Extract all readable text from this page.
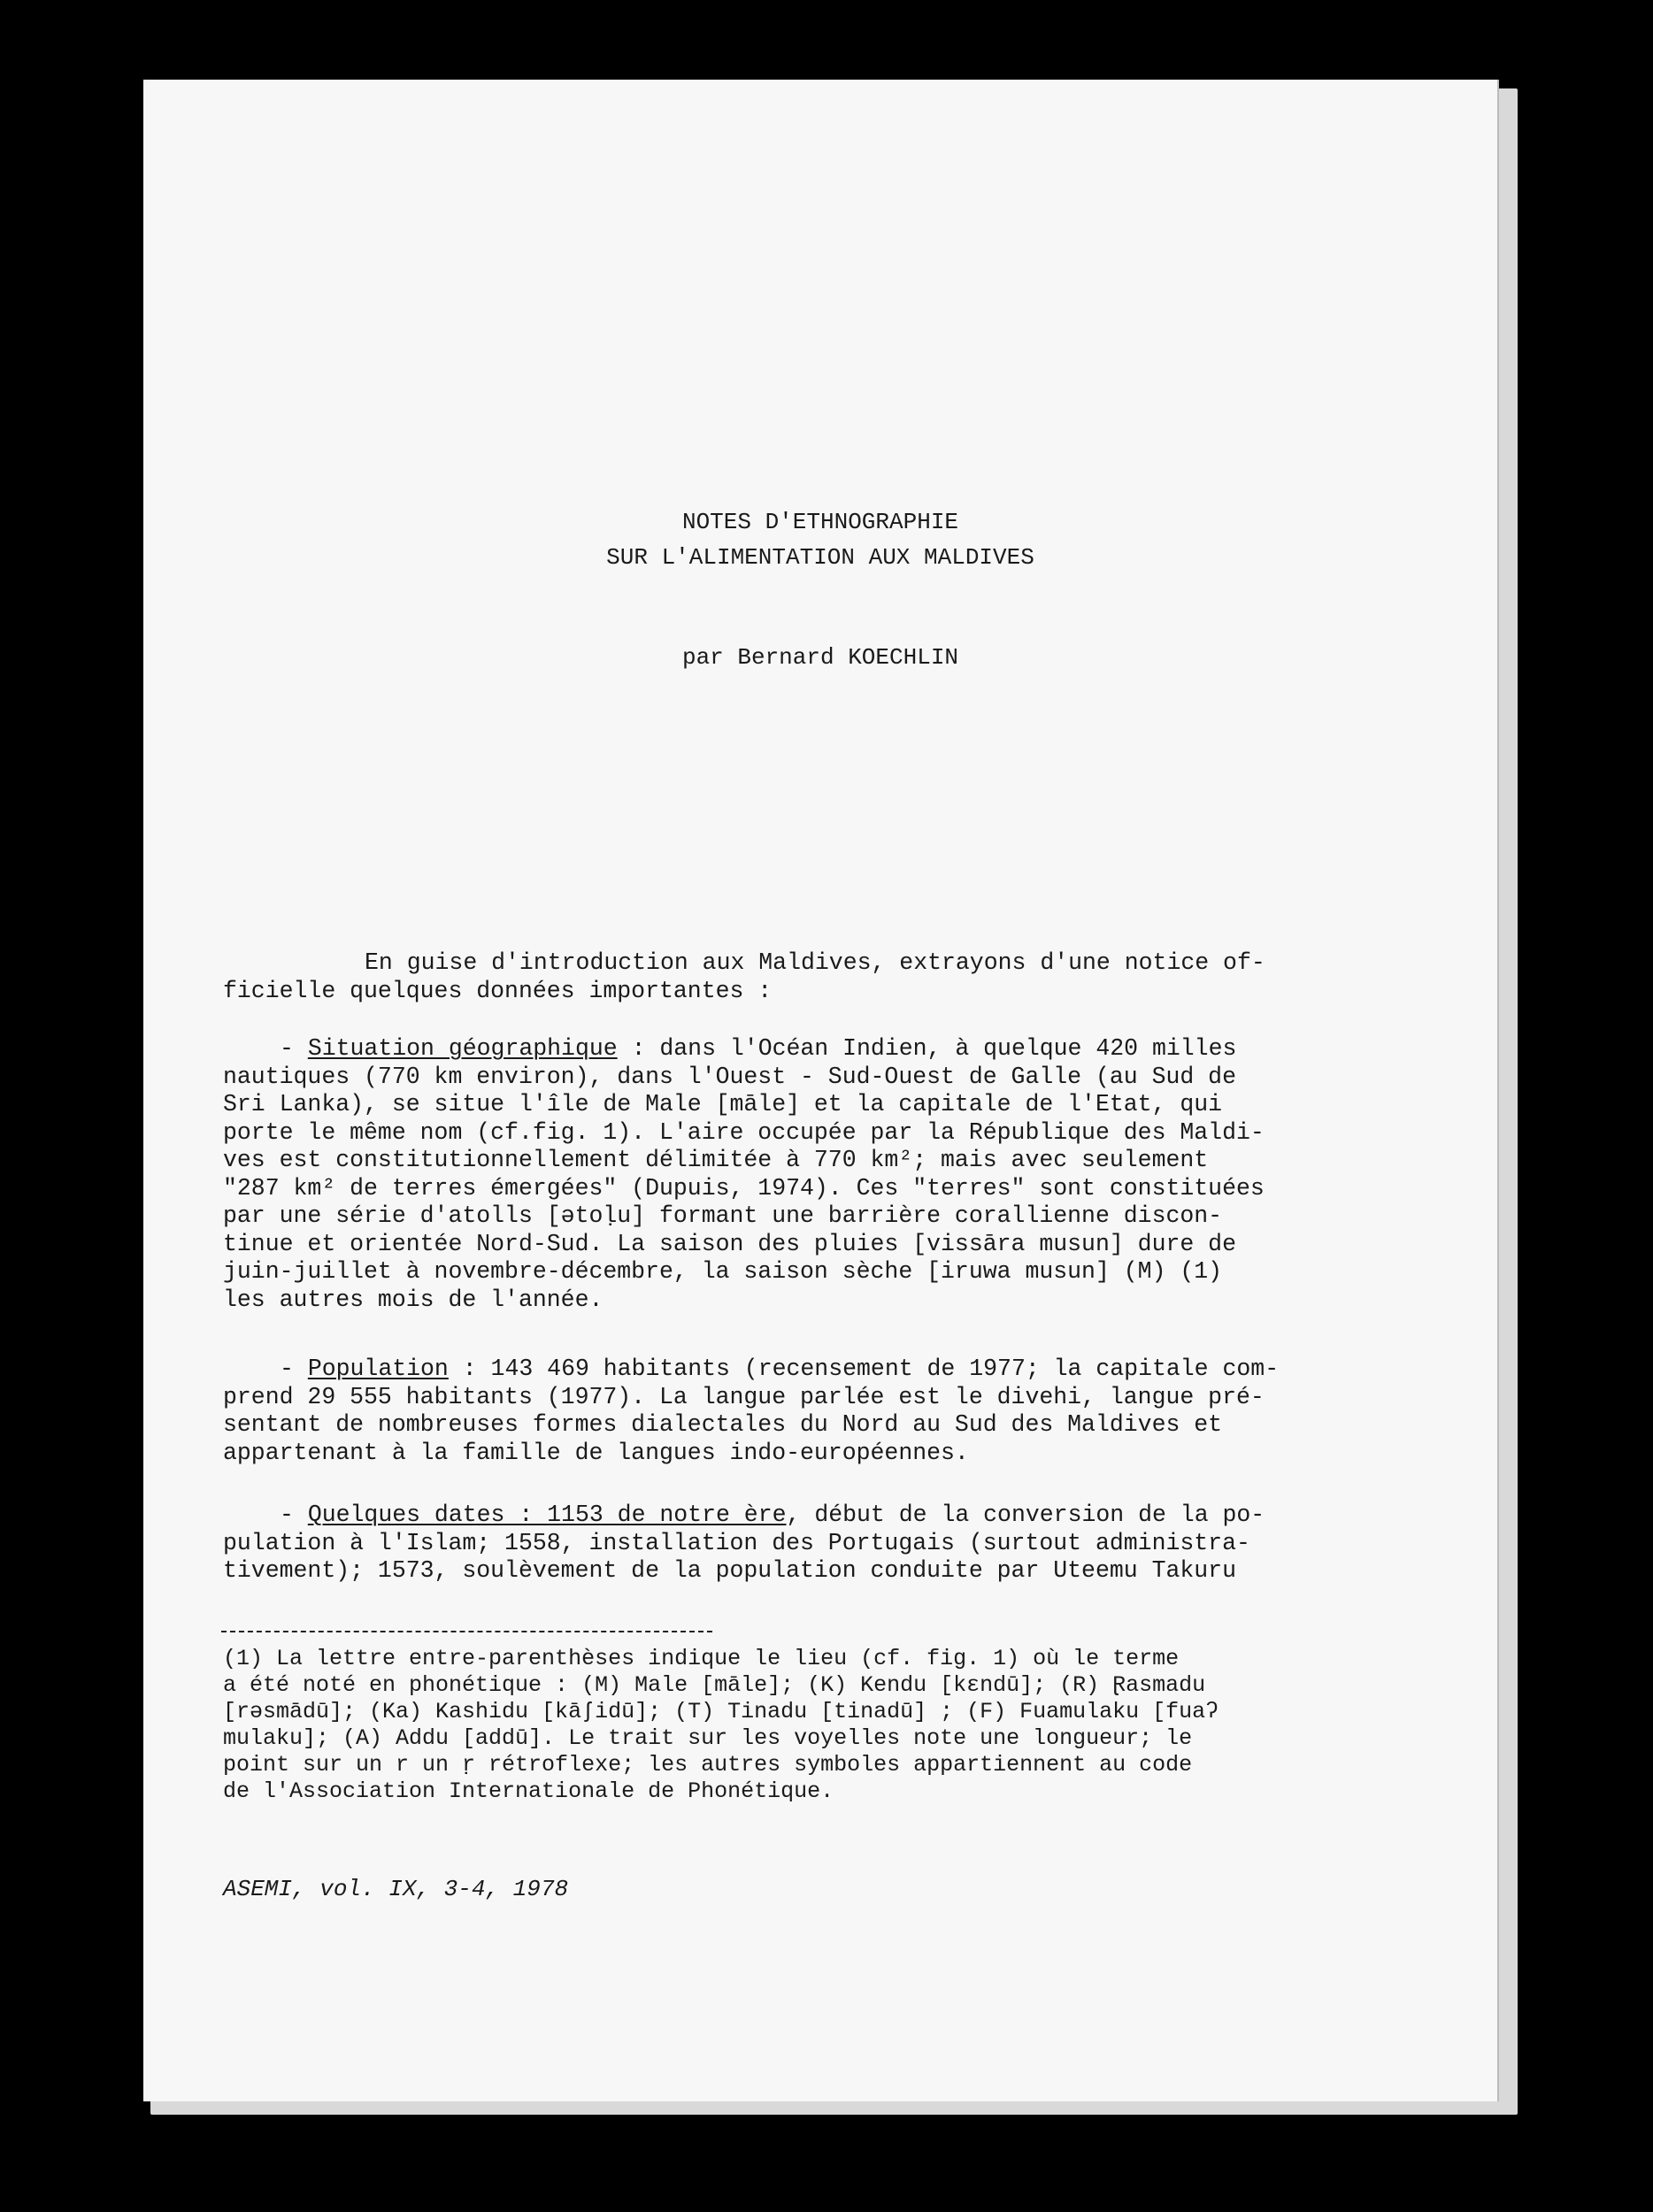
NOTES D'ETHNOGRAPHIE
SUR L'ALIMENTATION AUX MALDIVES
par Bernard KOECHLIN
En guise d'introduction aux Maldives, extrayons d'une notice of-
ficielle quelques données importantes :
- Situation géographique : dans l'Océan Indien, à quelque 420 milles
nautiques (770 km environ), dans l'Ouest - Sud-Ouest de Galle (au Sud de
Sri Lanka), se situe l'île de Male [mālе] et la capitale de l'Etat, qui
porte le même nom (cf.fig. 1). L'aire occupée par la République des Maldi-
ves est constitutionnellement délimitée à 770 km²; mais avec seulement
"287 km² de terres émergées" (Dupuis, 1974). Ces "terres" sont constituées
par une série d'atolls [ətoḷu] formant une barrière corallienne discon-
tinue et orientée Nord-Sud. La saison des pluies [vissāra musun] dure de
juin-juillet à novembre-décembre, la saison sèche [iruwa musun] (M) (1)
les autres mois de l'année.
- Population : 143 469 habitants (recensement de 1977; la capitale com-
prend 29 555 habitants (1977). La langue parlée est le divehi, langue pré-
sentant de nombreuses formes dialectales du Nord au Sud des Maldives et
appartenant à la famille de langues indo-européennes.
- Quelques dates : 1153 de notre ère, début de la conversion de la po-
pulation à l'Islam; 1558, installation des Portugais (surtout administra-
tivement); 1573, soulèvement de la population conduite par Uteemu Takuru
(1) La lettre entre-parenthèses indique le lieu (cf. fig. 1) où le terme
a été noté en phonétique : (M) Male [mālе]; (K) Kendu [kɛndū]; (R) Ɽasmadu
[rəsmādū]; (Ka) Kashidu [kāʃidū]; (T) Tinadu [tinadū] ; (F) Fuamulaku [fuaʔ
mulaku]; (A) Addu [addū]. Le trait sur les voyelles note une longueur; le
point sur un r un ṛ rétroflexe; les autres symboles appartiennent au code
de l'Association Internationale de Phonétique.
ASEMI, vol. IX, 3-4, 1978
